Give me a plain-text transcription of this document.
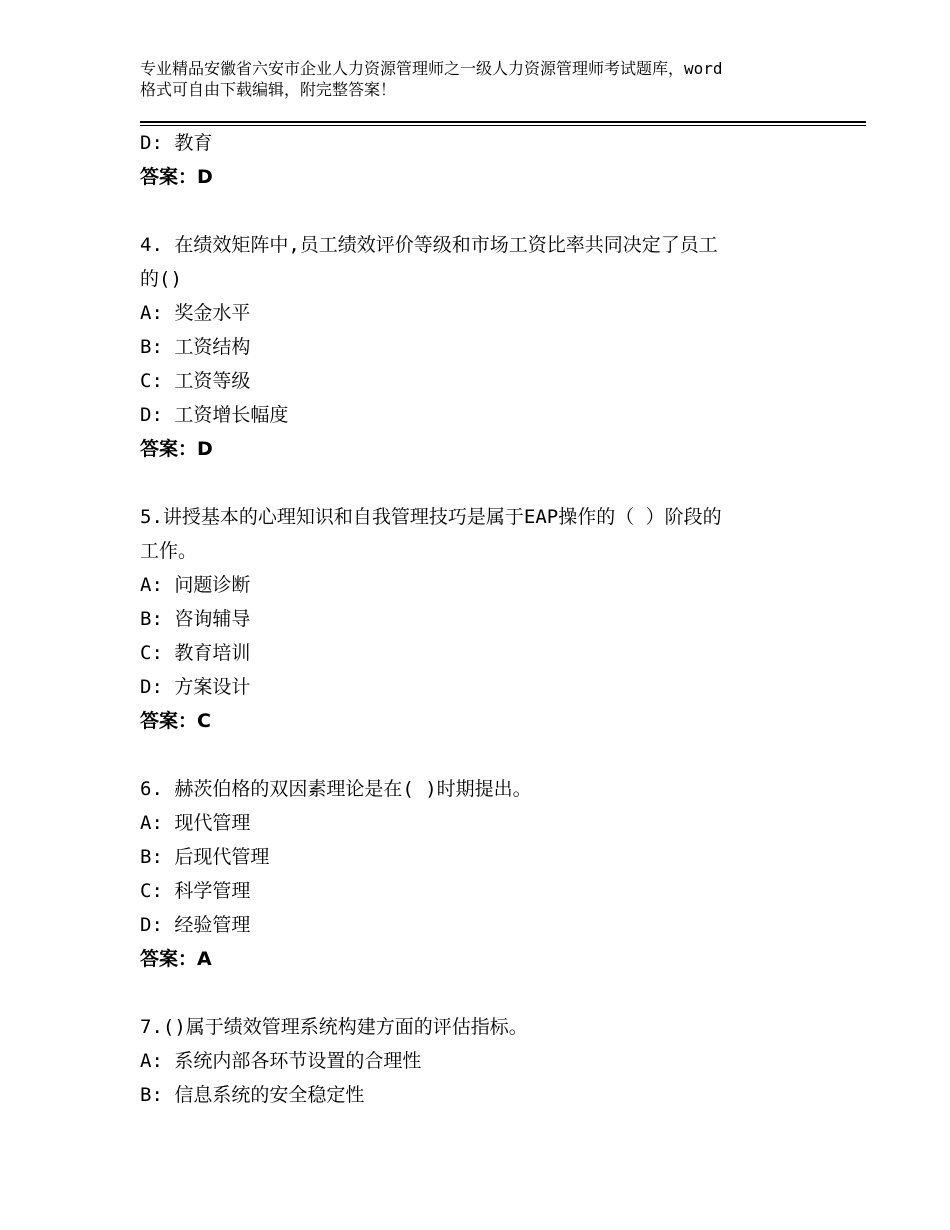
专业精品安徽省六安市企业人力资源管理师之一级人力资源管理师考试题库，word
格式可自由下载编辑，附完整答案！
D: 教育
答案：D
4. 在绩效矩阵中,员工绩效评价等级和市场工资比率共同决定了员工
的()
A: 奖金水平
B: 工资结构
C: 工资等级
D: 工资增长幅度
答案：D
5.讲授基本的心理知识和自我管理技巧是属于EAP操作的（ ）阶段的
工作。
A: 问题诊断
B: 咨询辅导
C: 教育培训
D: 方案设计
答案：C
6. 赫茨伯格的双因素理论是在( )时期提出。
A: 现代管理
B: 后现代管理
C: 科学管理
D: 经验管理
答案：A
7.()属于绩效管理系统构建方面的评估指标。
A: 系统内部各环节设置的合理性
B: 信息系统的安全稳定性
